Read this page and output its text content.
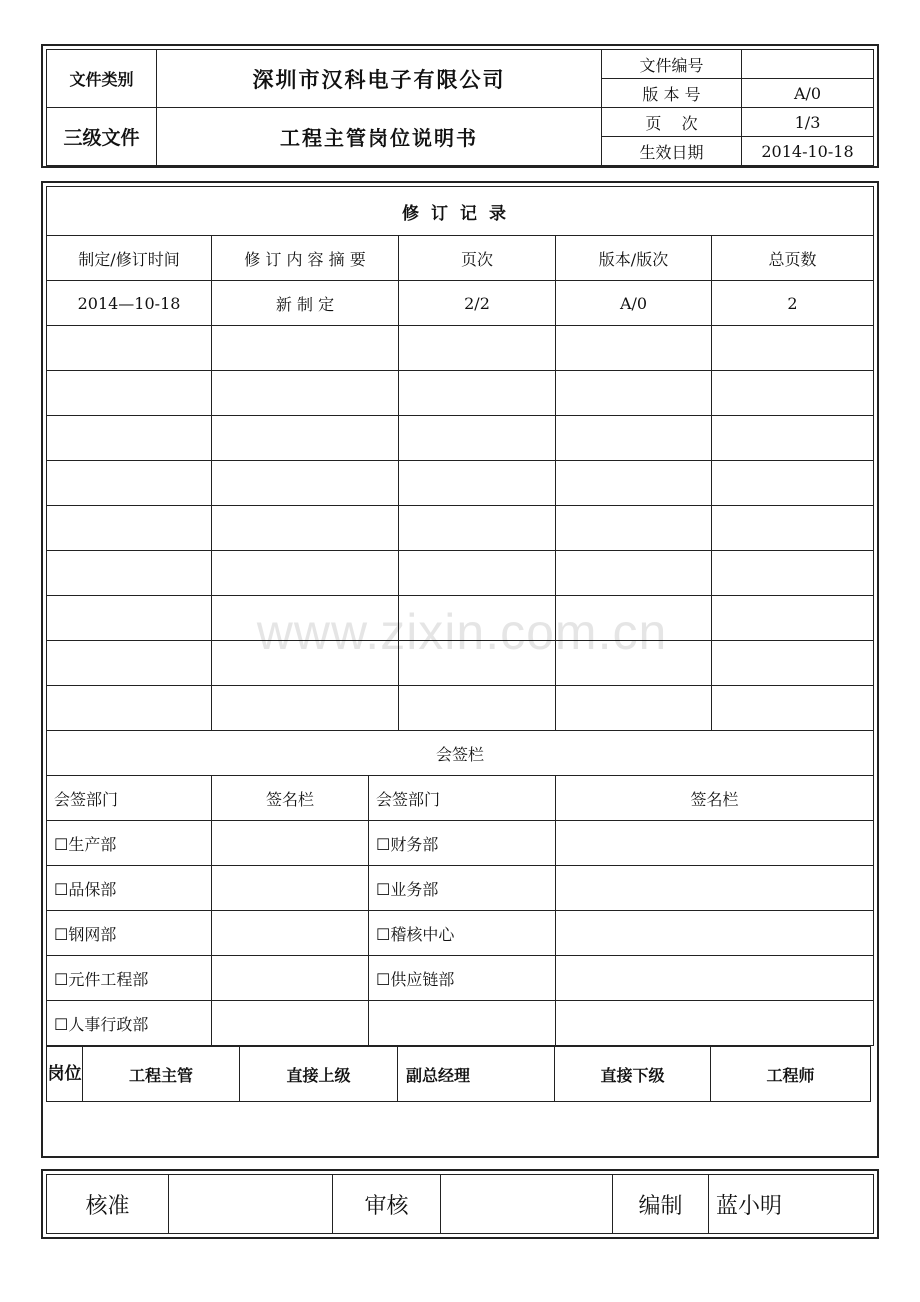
文件类别	深圳市汉科电子有限公司	文件编号	
		版 本 号	A/0
三级文件	工程主管岗位说明书	页    次	1/3
		生效日期	2014-10-18
修订记录					
制定/修订时间	修 订 内 容 摘 要		页次	版本/版次	总页数
2014—10-18	新 制 定		2/2	A/0	2

会签栏					
会签部门	签名栏	会签部门		签名栏	
☐生产部		☐财务部			
☐品保部		☐业务部			
☐钢网部		☐稽核中心			
☐元件工程部		☐供应链部			
☐人事行政部					
岗位	工程主管	直接上级	副总经理	直接下级	工程师
核准		审核		编制	蓝小明
www.zixin.com.cn
